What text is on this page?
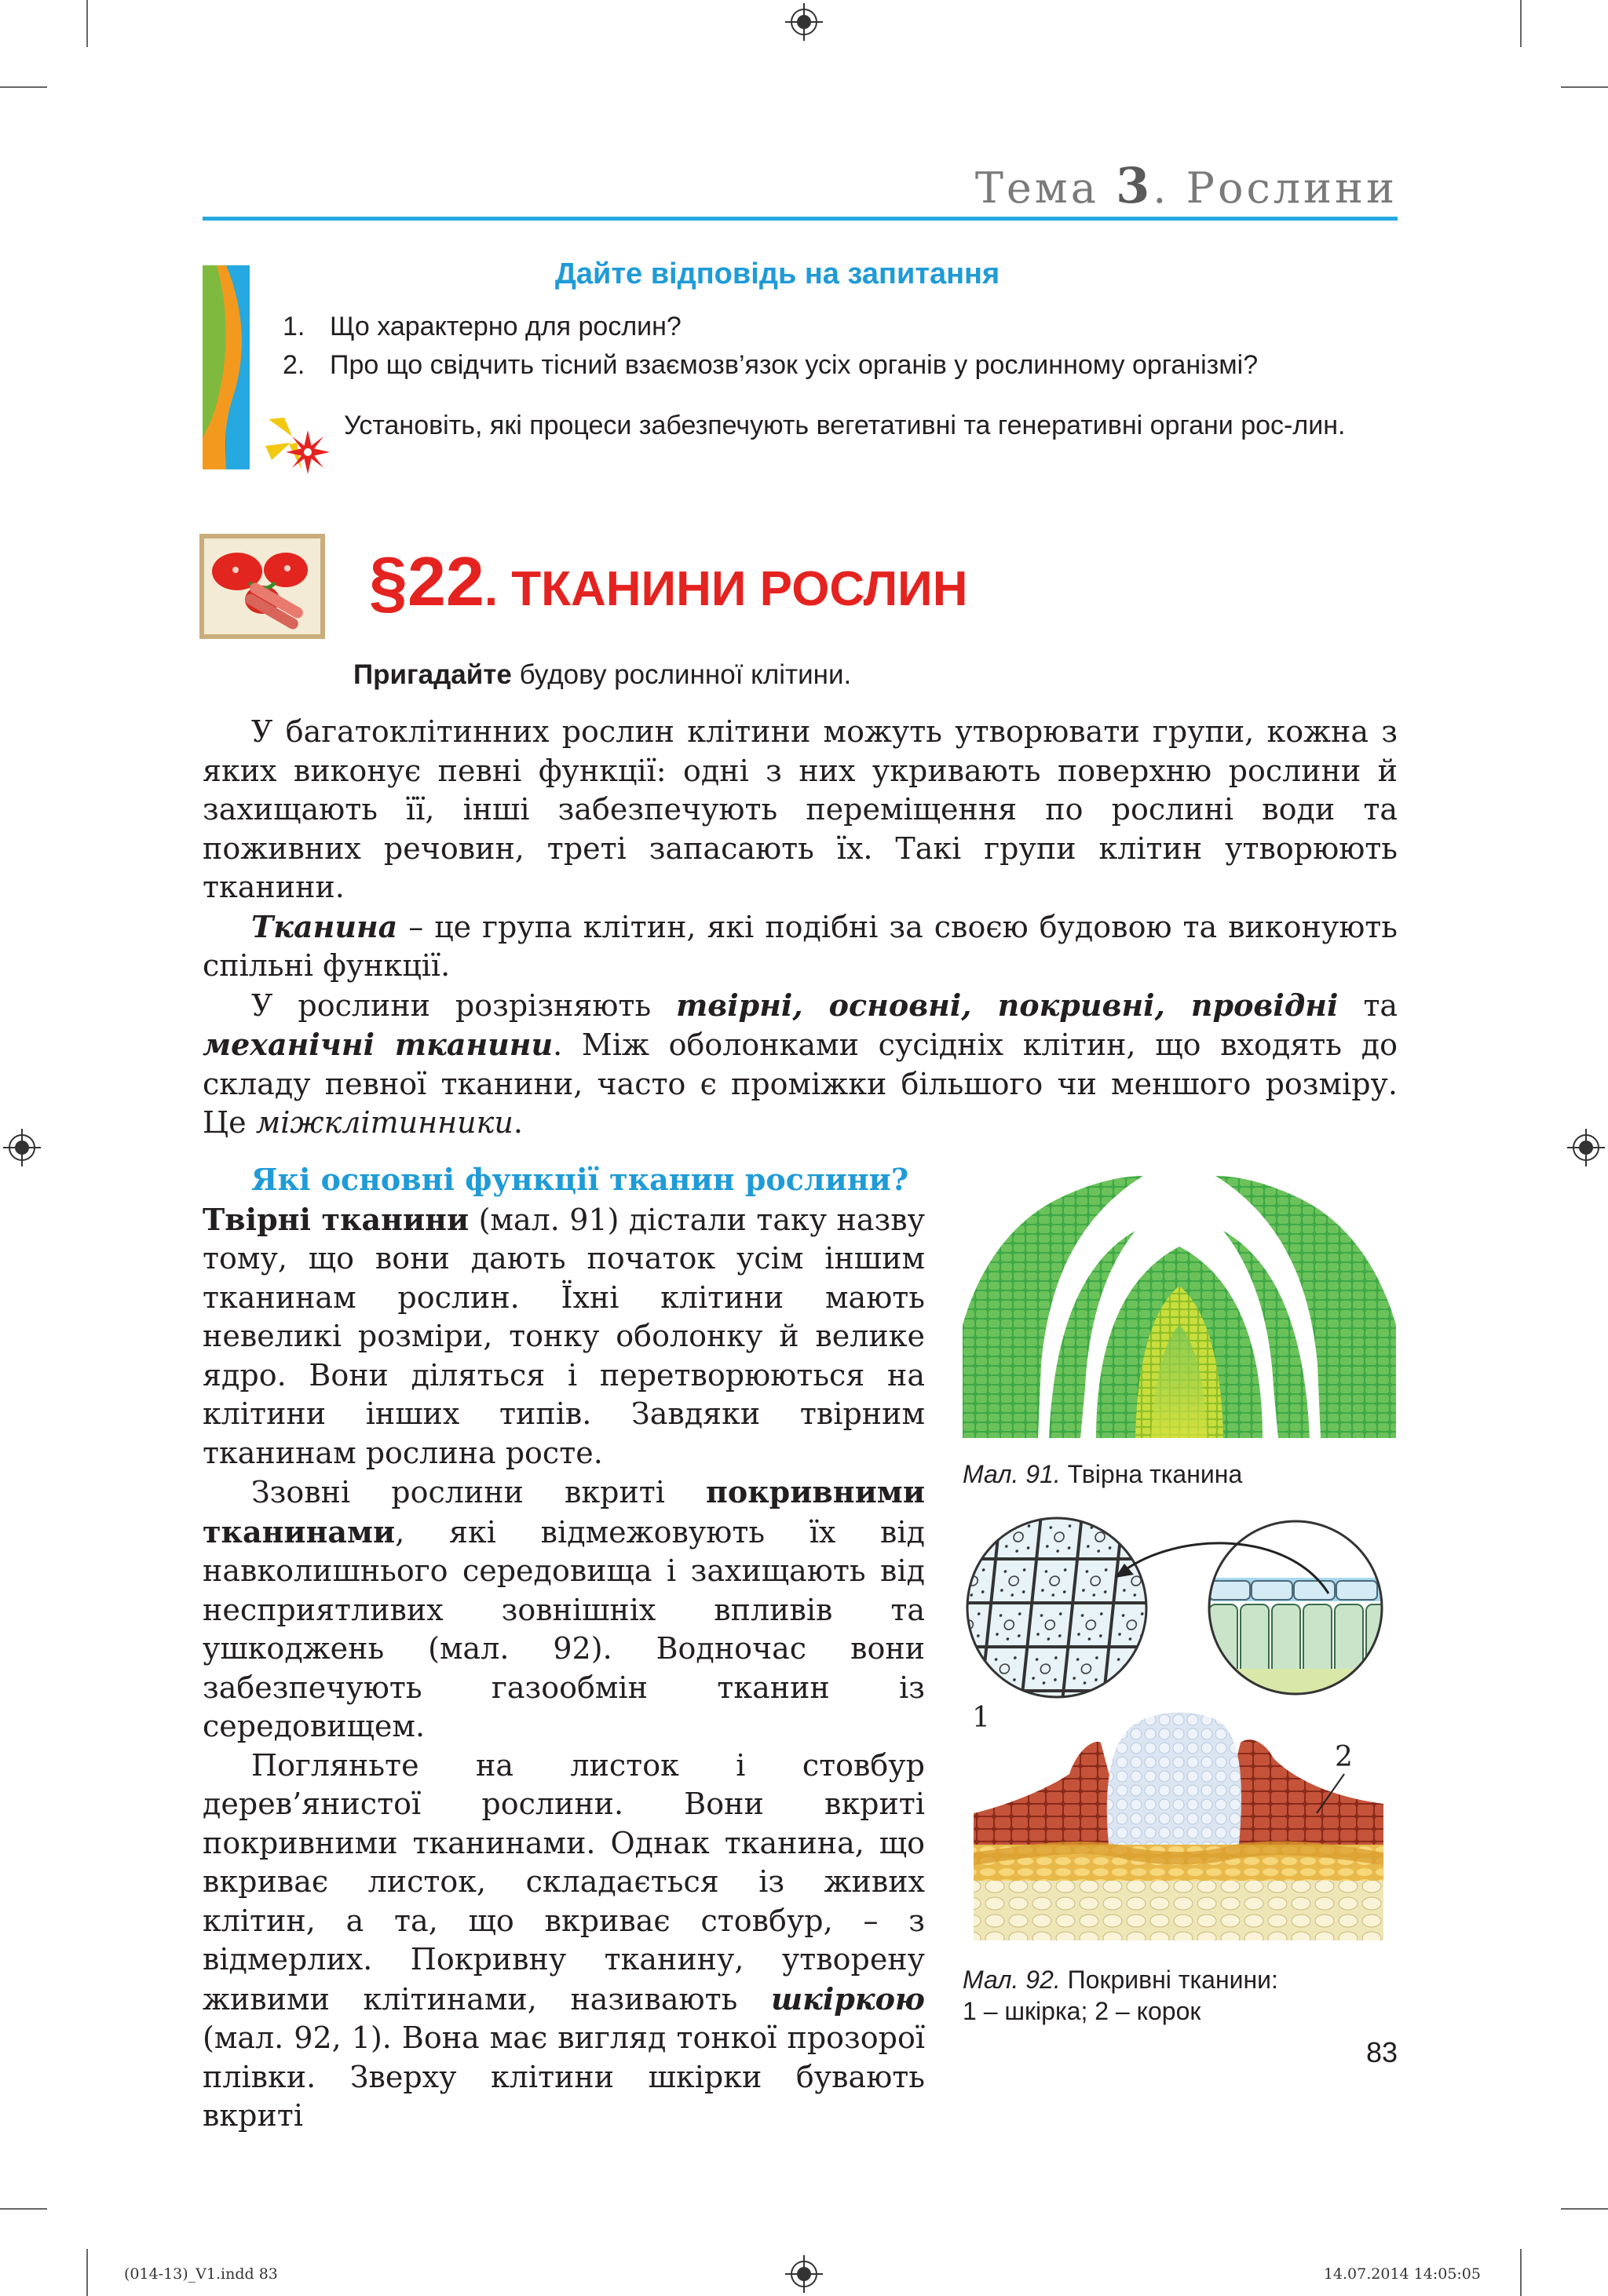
Тема 3. Рослини
Дайте відповідь на запитання
1. Що характерно для рослин?
2. Про що свідчить тісний взаємозв’язок усіх органів у рослинному організмі?
Установіть, які процеси забезпечують вегетативні та генеративні органи рос-лин.
§22. ТКАНИНИ РОСЛИН
Пригадайте будову рослинної клітини.

У багатоклітинних рослин клітини можуть утворювати групи, кожна з яких виконує певні функції: одні з них укривають поверхню рослини й захищають її, інші забезпечують переміщення по рослині води та поживних речовин, треті запасають їх. Такі групи клітин утворюють тканини.

Тканина – це група клітин, які подібні за своєю будовою та виконують спільні функції.

У рослини розрізняють твірні, основні, покривні, провідні та механічні тканини. Між оболонками сусідніх клітин, що входять до складу певної тканини, часто є проміжки більшого чи меншого розміру. Це міжклітинники.

Які основні функції тканин рослини?

Твірні тканини (мал. 91) дістали таку назву тому, що вони дають початок усім іншим тканинам рослин. Їхні клітини мають невеликі розміри, тонку оболонку й велике ядро. Вони діляться і перетворюються на клітини інших типів. Завдяки твірним тканинам рослина росте.

Ззовні рослини вкриті покривними тканинами, які відмежовують їх від навколишнього середовища і захищають від несприятливих зовнішніх впливів та ушкоджень (мал. 92). Водночас вони забезпечують газообмін тканин із середовищем.

Погляньте на листок і стовбур дерев’янистої рослини. Вони вкриті покривними тканинами. Однак тканина, що вкриває листок, складається із живих клітин, а та, що вкриває стовбур, – з відмерлих. Покривну тканину, утворену живими клітинами, називають шкіркою (мал. 92, 1). Вона має вигляд тонкої прозорої плівки. Зверху клітини шкірки бувають вкриті

Мал. 91. Твірна тканина
2
1
Мал. 92. Покривні тканини:
1 – шкірка; 2 – корок
83
(014-13)_V1.indd 83	14.07.2014 14:05:05
